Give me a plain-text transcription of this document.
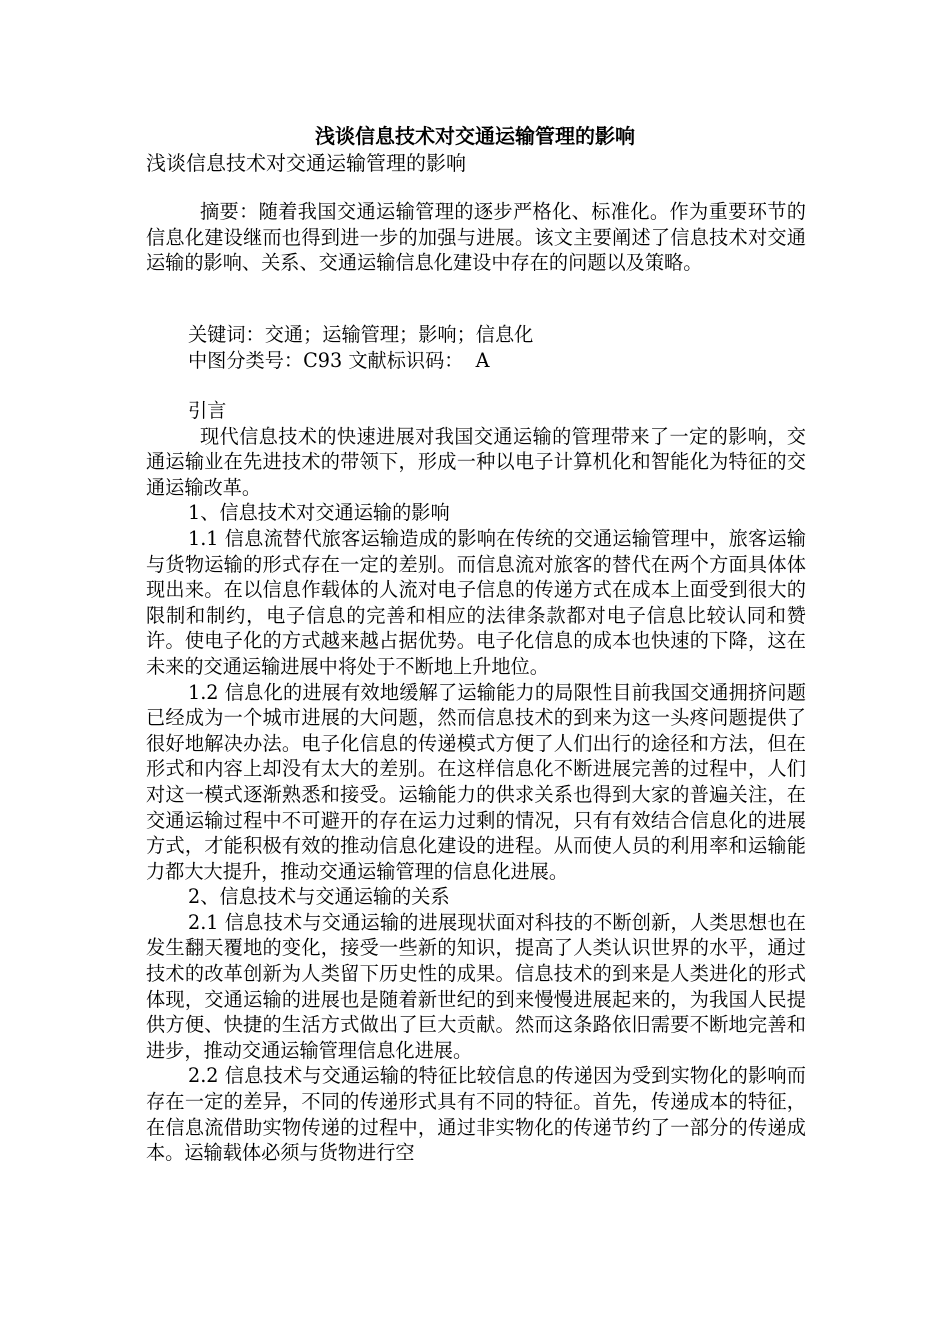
浅谈信息技术对交通运输管理的影响
浅谈信息技术对交通运输管理的影响

摘要：随着我国交通运输管理的逐步严格化、标准化。作为重要环节的信息化建设继而也得到进一步的加强与进展。该文主要阐述了信息技术对交通运输的影响、关系、交通运输信息化建设中存在的问题以及策略。

关键词：交通；运输管理；影响；信息化

中图分类号：C93 文献标识码：  A

引言

现代信息技术的快速进展对我国交通运输的管理带来了一定的影响，交通运输业在先进技术的带领下，形成一种以电子计算机化和智能化为特征的交通运输改革。

1、信息技术对交通运输的影响

1.1 信息流替代旅客运输造成的影响在传统的交通运输管理中，旅客运输与货物运输的形式存在一定的差别。而信息流对旅客的替代在两个方面具体体现出来。在以信息作载体的人流对电子信息的传递方式在成本上面受到很大的限制和制约，电子信息的完善和相应的法律条款都对电子信息比较认同和赞许。使电子化的方式越来越占据优势。电子化信息的成本也快速的下降，这在未来的交通运输进展中将处于不断地上升地位。

1.2 信息化的进展有效地缓解了运输能力的局限性目前我国交通拥挤问题已经成为一个城市进展的大问题，然而信息技术的到来为这一头疼问题提供了很好地解决办法。电子化信息的传递模式方便了人们出行的途径和方法，但在形式和内容上却没有太大的差别。在这样信息化不断进展完善的过程中，人们对这一模式逐渐熟悉和接受。运输能力的供求关系也得到大家的普遍关注，在交通运输过程中不可避开的存在运力过剩的情况，只有有效结合信息化的进展方式，才能积极有效的推动信息化建设的进程。从而使人员的利用率和运输能力都大大提升，推动交通运输管理的信息化进展。

2、信息技术与交通运输的关系

2.1 信息技术与交通运输的进展现状面对科技的不断创新，人类思想也在发生翻天覆地的变化，接受一些新的知识，提高了人类认识世界的水平，通过技术的改革创新为人类留下历史性的成果。信息技术的到来是人类进化的形式体现，交通运输的进展也是随着新世纪的到来慢慢进展起来的，为我国人民提供方便、快捷的生活方式做出了巨大贡献。然而这条路依旧需要不断地完善和进步，推动交通运输管理信息化进展。

2.2 信息技术与交通运输的特征比较信息的传递因为受到实物化的影响而存在一定的差异，不同的传递形式具有不同的特征。首先，传递成本的特征，在信息流借助实物传递的过程中，通过非实物化的传递节约了一部分的传递成本。运输载体必须与货物进行空
